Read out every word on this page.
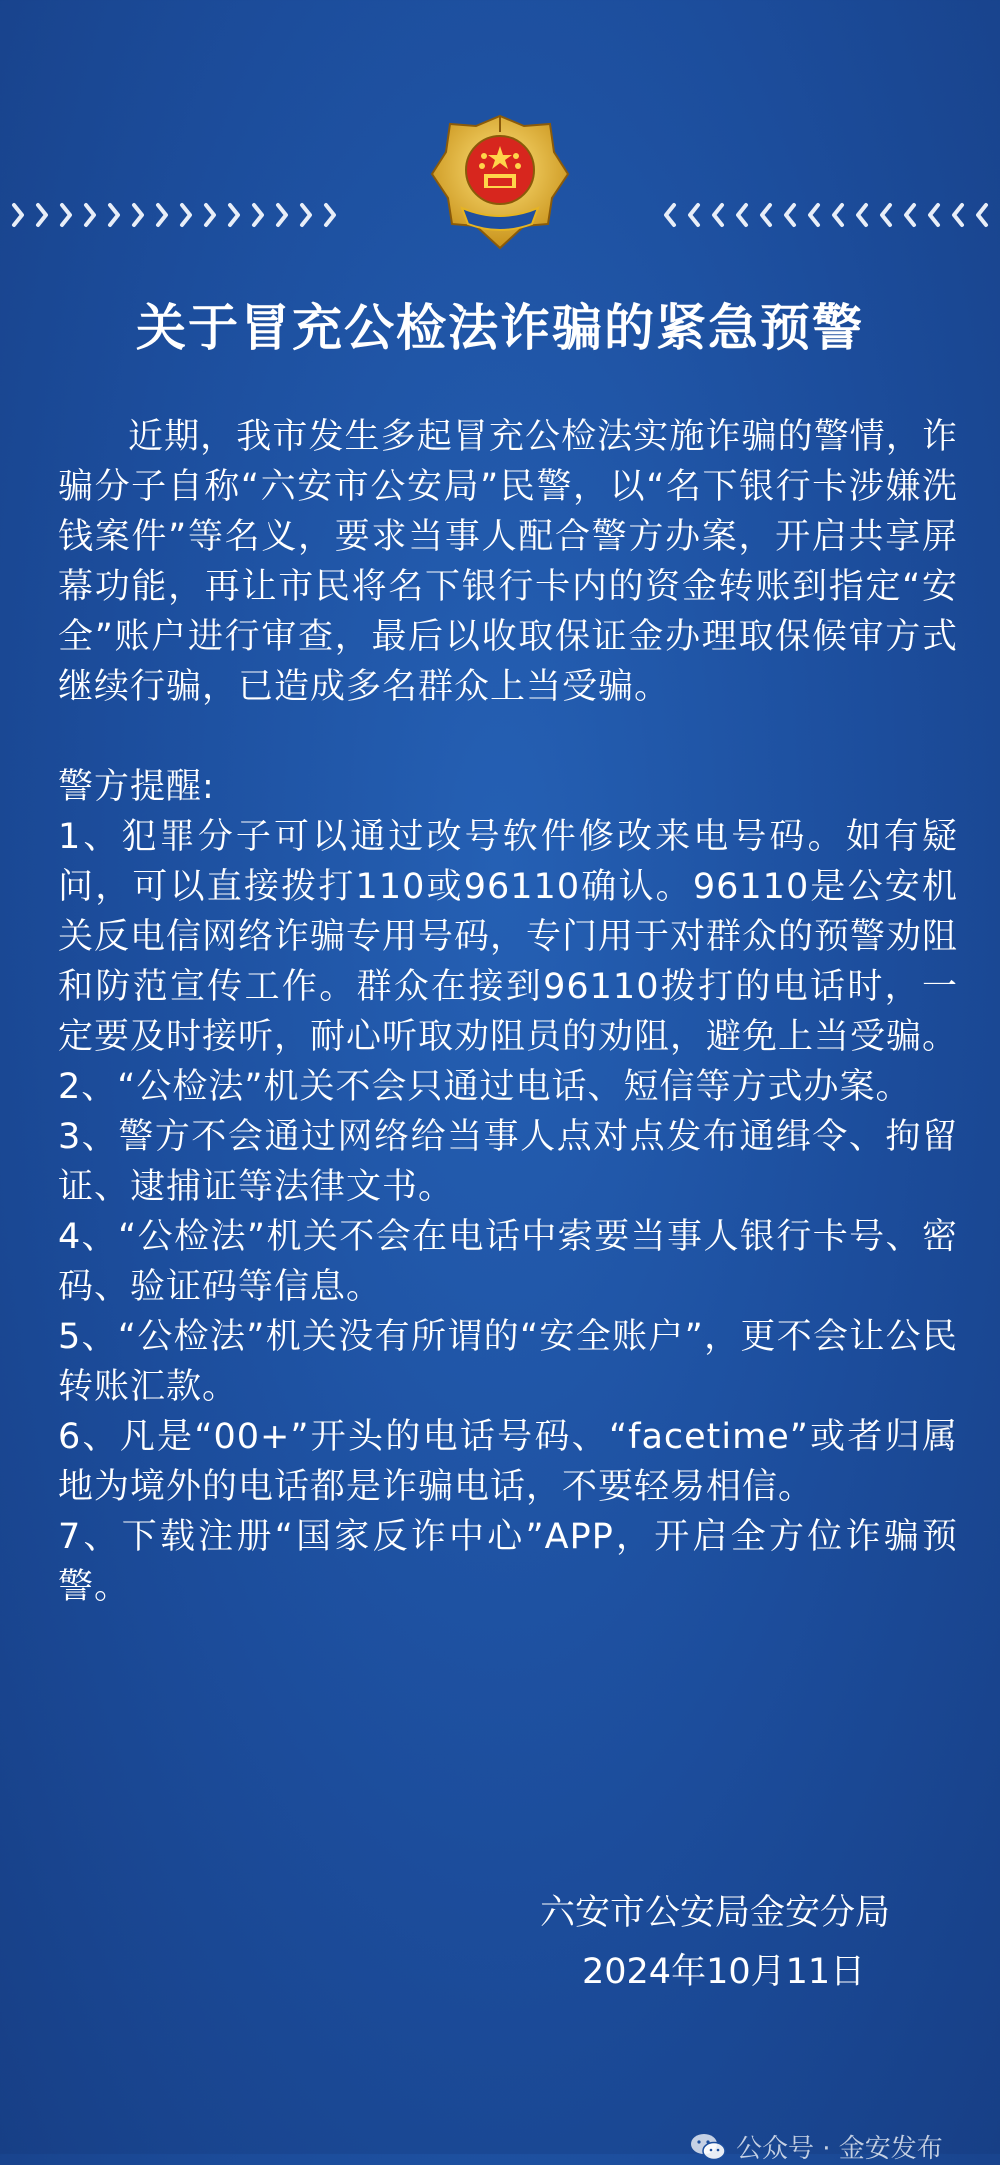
关于冒充公检法诈骗的紧急预警

近期，我市发生多起冒充公检法实施诈骗的警情，诈骗分子自称“六安市公安局”民警，以“名下银行卡涉嫌洗钱案件”等名义，要求当事人配合警方办案，开启共享屏幕功能，再让市民将名下银行卡内的资金转账到指定“安全”账户进行审查，最后以收取保证金办理取保候审方式继续行骗，已造成多名群众上当受骗。

警方提醒:

1、犯罪分子可以通过改号软件修改来电号码。如有疑问，可以直接拨打110或96110确认。96110是公安机关反电信网络诈骗专用号码，专门用于对群众的预警劝阻和防范宣传工作。群众在接到96110拨打的电话时，一定要及时接听，耐心听取劝阻员的劝阻，避免上当受骗。

2、“公检法”机关不会只通过电话、短信等方式办案。

3、警方不会通过网络给当事人点对点发布通缉令、拘留证、逮捕证等法律文书。

4、“公检法”机关不会在电话中索要当事人银行卡号、密码、验证码等信息。

5、“公检法”机关没有所谓的“安全账户”，更不会让公民转账汇款。

6、凡是“00+”开头的电话号码、“facetime”或者归属地为境外的电话都是诈骗电话，不要轻易相信。

7、下载注册“国家反诈中心”APP，开启全方位诈骗预警。

六安市公安局金安分局

2024年10月11日

公众号 · 金安发布
